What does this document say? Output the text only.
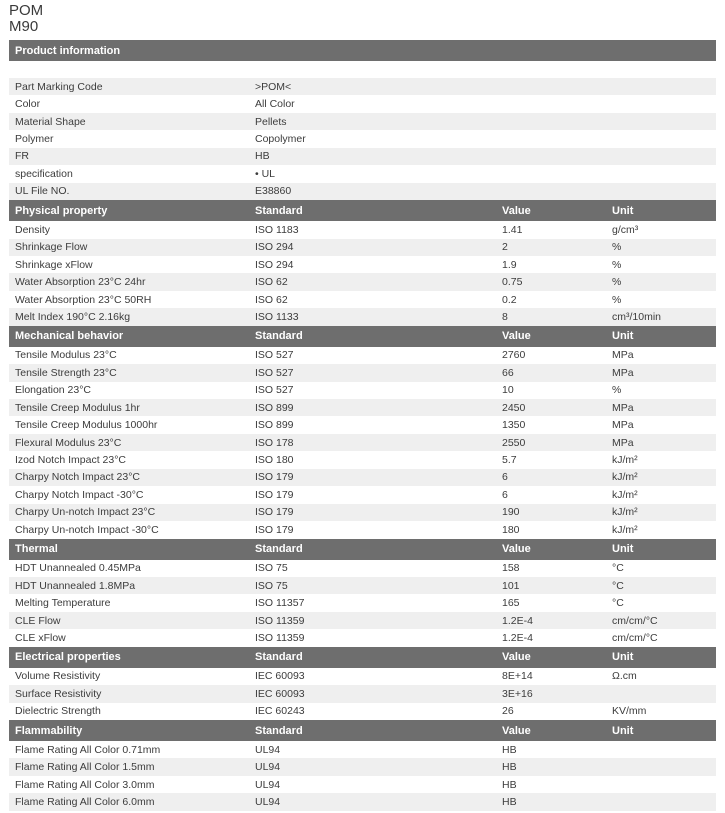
POM
M90
Product information
Part Marking Code	>POM<
Color	All Color
Material Shape	Pellets
Polymer	Copolymer
FR	HB
specification	• UL
UL File NO.	E38860
Physical property	Standard	Value	Unit
Density	ISO 1183	1.41	g/cm³
Shrinkage Flow	ISO 294	2	%
Shrinkage xFlow	ISO 294	1.9	%
Water Absorption 23°C 24hr	ISO 62	0.75	%
Water Absorption 23°C 50RH	ISO 62	0.2	%
Melt Index 190°C 2.16kg	ISO 1133	8	cm³/10min
Mechanical behavior	Standard	Value	Unit
Tensile Modulus 23°C	ISO 527	2760	MPa
Tensile Strength 23°C	ISO 527	66	MPa
Elongation 23°C	ISO 527	10	%
Tensile Creep Modulus 1hr	ISO 899	2450	MPa
Tensile Creep Modulus 1000hr	ISO 899	1350	MPa
Flexural Modulus 23°C	ISO 178	2550	MPa
Izod Notch Impact 23°C	ISO 180	5.7	kJ/m²
Charpy Notch Impact 23°C	ISO 179	6	kJ/m²
Charpy Notch Impact -30°C	ISO 179	6	kJ/m²
Charpy Un-notch Impact 23°C	ISO 179	190	kJ/m²
Charpy Un-notch Impact -30°C	ISO 179	180	kJ/m²
Thermal	Standard	Value	Unit
HDT Unannealed 0.45MPa	ISO 75	158	°C
HDT Unannealed 1.8MPa	ISO 75	101	°C
Melting Temperature	ISO 11357	165	°C
CLE Flow	ISO 11359	1.2E-4	cm/cm/°C
CLE xFlow	ISO 11359	1.2E-4	cm/cm/°C
Electrical properties	Standard	Value	Unit
Volume Resistivity	IEC 60093	8E+14	Ω.cm
Surface Resistivity	IEC 60093	3E+16
Dielectric Strength	IEC 60243	26	KV/mm
Flammability	Standard	Value	Unit
Flame Rating All Color 0.71mm	UL94	HB
Flame Rating All Color 1.5mm	UL94	HB
Flame Rating All Color 3.0mm	UL94	HB
Flame Rating All Color 6.0mm	UL94	HB
